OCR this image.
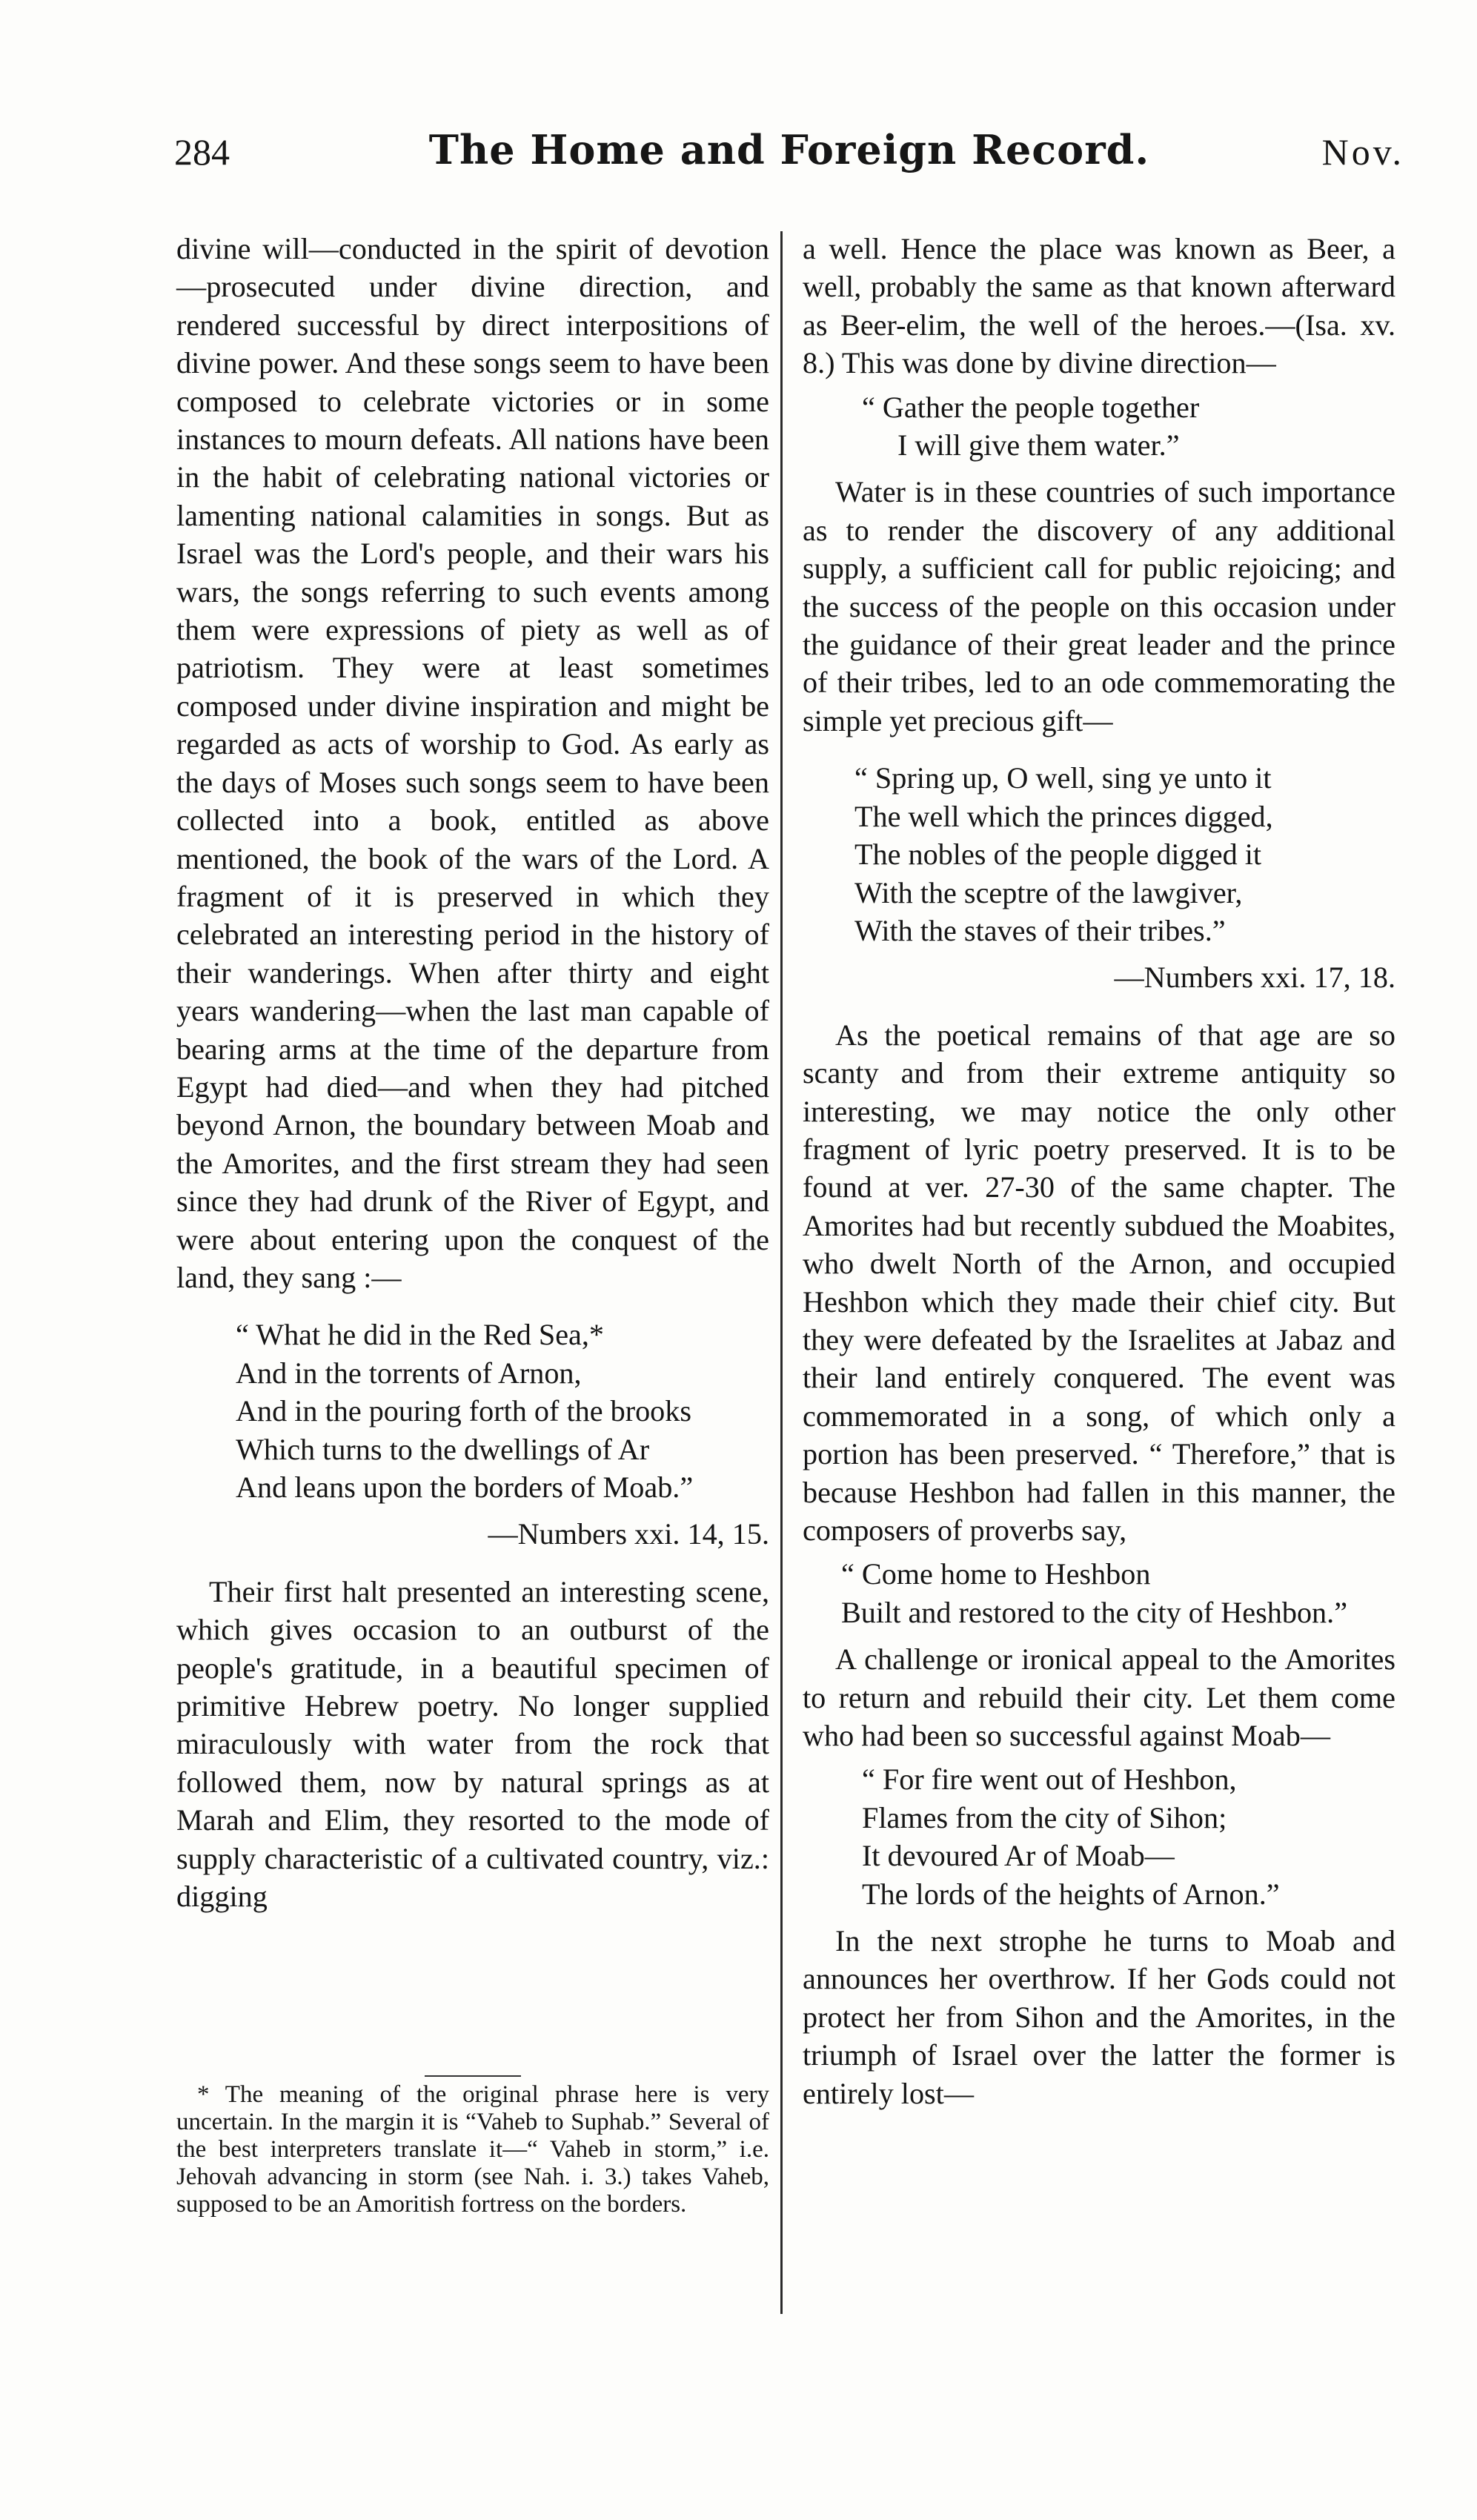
284	The Home and Foreign Record.	Nov.

divine will—conducted in the spirit of devotion—prosecuted under divine direction, and rendered successful by direct interpositions of divine power. And these songs seem to have been composed to celebrate victories or in some instances to mourn defeats. All nations have been in the habit of celebrating national victories or lamenting national calamities in songs. But as Israel was the Lord's people, and their wars his wars, the songs referring to such events among them were expressions of piety as well as of patriotism. They were at least sometimes composed under divine inspiration and might be regarded as acts of worship to God. As early as the days of Moses such songs seem to have been collected into a book, entitled as above mentioned, the book of the wars of the Lord. A fragment of it is preserved in which they celebrated an interesting period in the history of their wanderings. When after thirty and eight years wandering—when the last man capable of bearing arms at the time of the departure from Egypt had died—and when they had pitched beyond Arnon, the boundary between Moab and the Amorites, and the first stream they had seen since they had drunk of the River of Egypt, and were about entering upon the conquest of the land, they sang :—

“ What he did in the Red Sea,*
And in the torrents of Arnon,
And in the pouring forth of the brooks
Which turns to the dwellings of Ar
And leans upon the borders of Moab.”
—Numbers xxi. 14, 15.

Their first halt presented an interesting scene, which gives occasion to an outburst of the people's gratitude, in a beautiful specimen of primitive Hebrew poetry. No longer supplied miraculously with water from the rock that followed them, now by natural springs as at Marah and Elim, they resorted to the mode of supply characteristic of a cultivated country, viz.: digging

* The meaning of the original phrase here is very uncertain. In the margin it is “Vaheb to Suphab.” Several of the best interpreters translate it—“ Vaheb in storm,” i.e. Jehovah advancing in storm (see Nah. i. 3.) takes Vaheb, supposed to be an Amoritish fortress on the borders.

a well. Hence the place was known as Beer, a well, probably the same as that known afterward as Beer-elim, the well of the heroes.—(Isa. xv. 8.) This was done by divine direction—

“ Gather the people together
I will give them water.”

Water is in these countries of such importance as to render the discovery of any additional supply, a sufficient call for public rejoicing; and the success of the people on this occasion under the guidance of their great leader and the prince of their tribes, led to an ode commemorating the simple yet precious gift—

“ Spring up, O well, sing ye unto it
The well which the princes digged,
The nobles of the people digged it
With the sceptre of the lawgiver,
With the staves of their tribes.”
—Numbers xxi. 17, 18.

As the poetical remains of that age are so scanty and from their extreme antiquity so interesting, we may notice the only other fragment of lyric poetry preserved. It is to be found at ver. 27-30 of the same chapter. The Amorites had but recently subdued the Moabites, who dwelt North of the Arnon, and occupied Heshbon which they made their chief city. But they were defeated by the Israelites at Jabaz and their land entirely conquered. The event was commemorated in a song, of which only a portion has been preserved. “ Therefore,” that is because Heshbon had fallen in this manner, the composers of proverbs say,

“ Come home to Heshbon
Built and restored to the city of Heshbon.”

A challenge or ironical appeal to the Amorites to return and rebuild their city. Let them come who had been so successful against Moab—

“ For fire went out of Heshbon,
Flames from the city of Sihon;
It devoured Ar of Moab—
The lords of the heights of Arnon.”

In the next strophe he turns to Moab and announces her overthrow. If her Gods could not protect her from Sihon and the Amorites, in the triumph of Israel over the latter the former is entirely lost—
